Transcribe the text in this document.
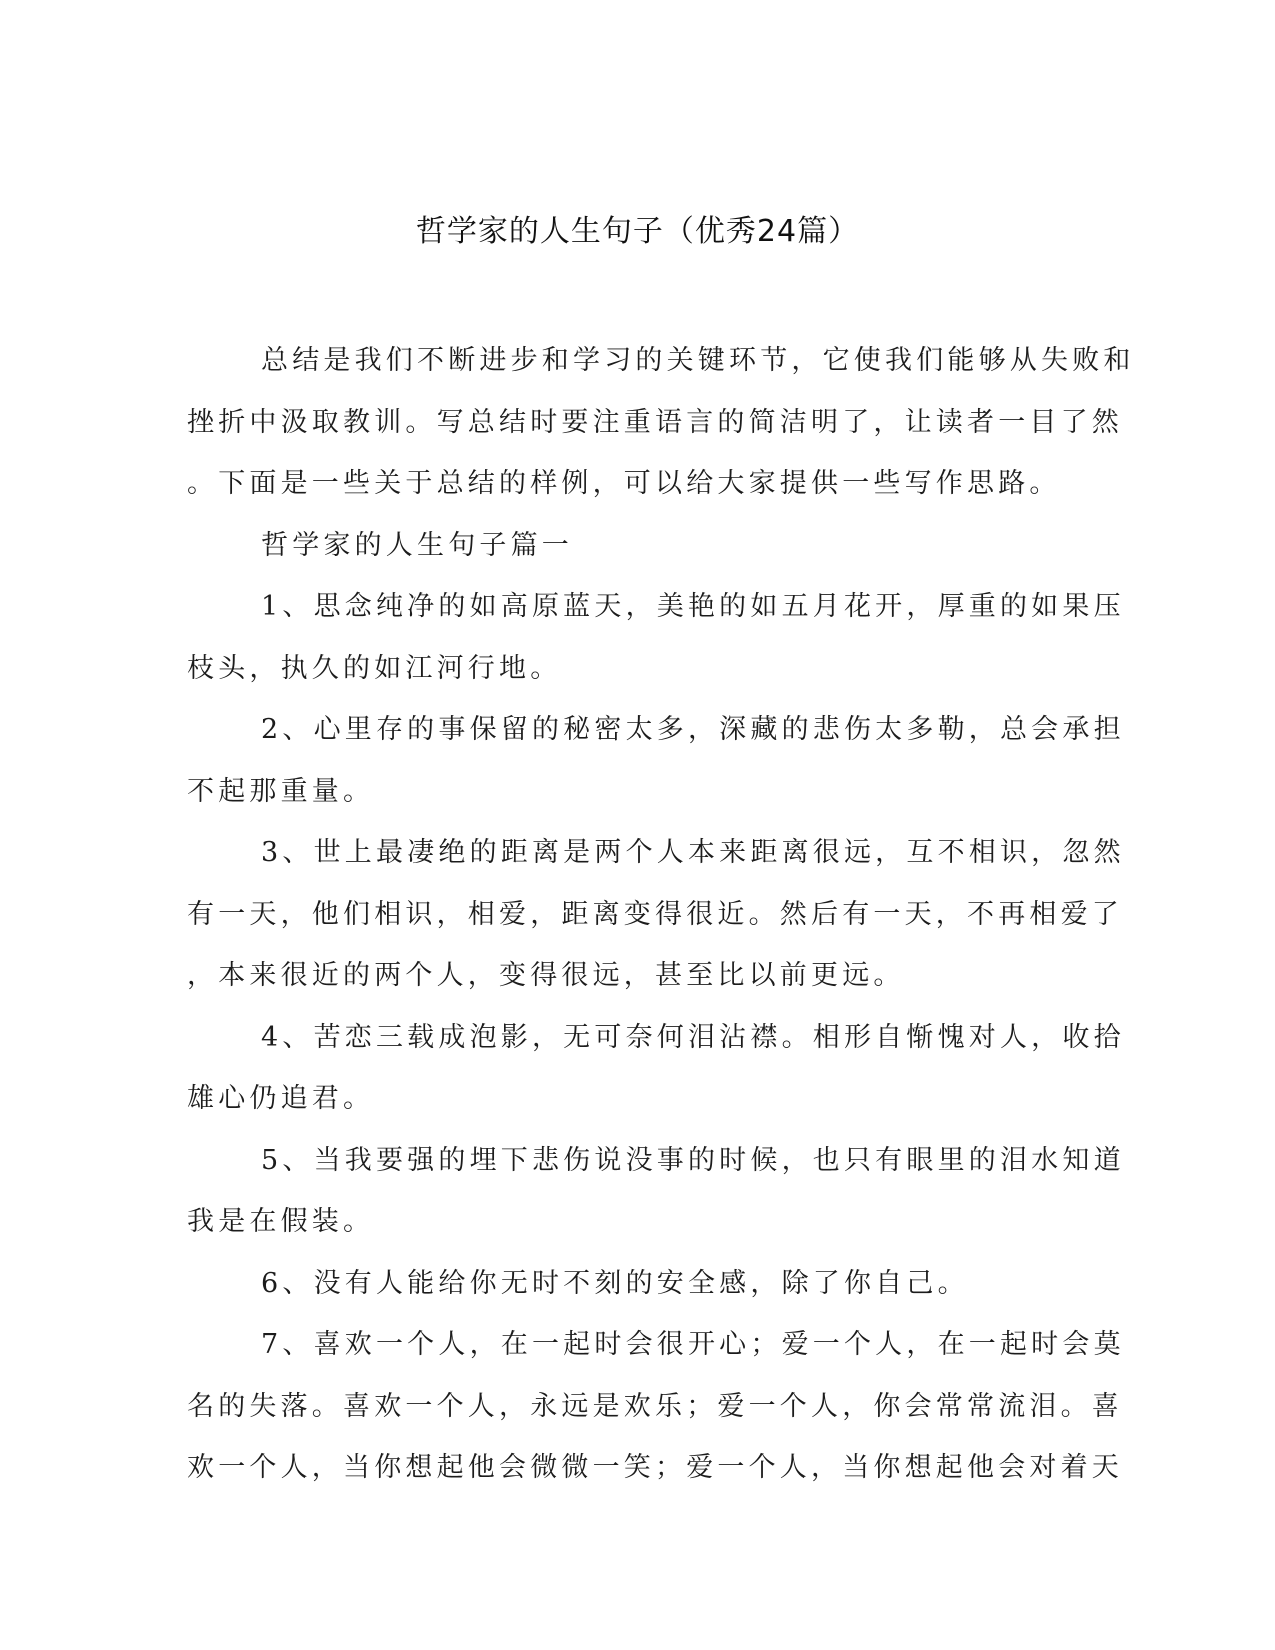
哲学家的人生句子（优秀24篇）
总结是我们不断进步和学习的关键环节，它使我们能够从失败和
挫折中汲取教训。写总结时要注重语言的简洁明了，让读者一目了然
。下面是一些关于总结的样例，可以给大家提供一些写作思路。
哲学家的人生句子篇一
1、思念纯净的如高原蓝天，美艳的如五月花开，厚重的如果压
枝头，执久的如江河行地。
2、心里存的事保留的秘密太多，深藏的悲伤太多勒，总会承担
不起那重量。
3、世上最凄绝的距离是两个人本来距离很远，互不相识，忽然
有一天，他们相识，相爱，距离变得很近。然后有一天，不再相爱了
，本来很近的两个人，变得很远，甚至比以前更远。
4、苦恋三载成泡影，无可奈何泪沾襟。相形自惭愧对人，收拾
雄心仍追君。
5、当我要强的埋下悲伤说没事的时候，也只有眼里的泪水知道
我是在假装。
6、没有人能给你无时不刻的安全感，除了你自己。
7、喜欢一个人，在一起时会很开心；爱一个人，在一起时会莫
名的失落。喜欢一个人，永远是欢乐；爱一个人，你会常常流泪。喜
欢一个人，当你想起他会微微一笑；爱一个人，当你想起他会对着天
